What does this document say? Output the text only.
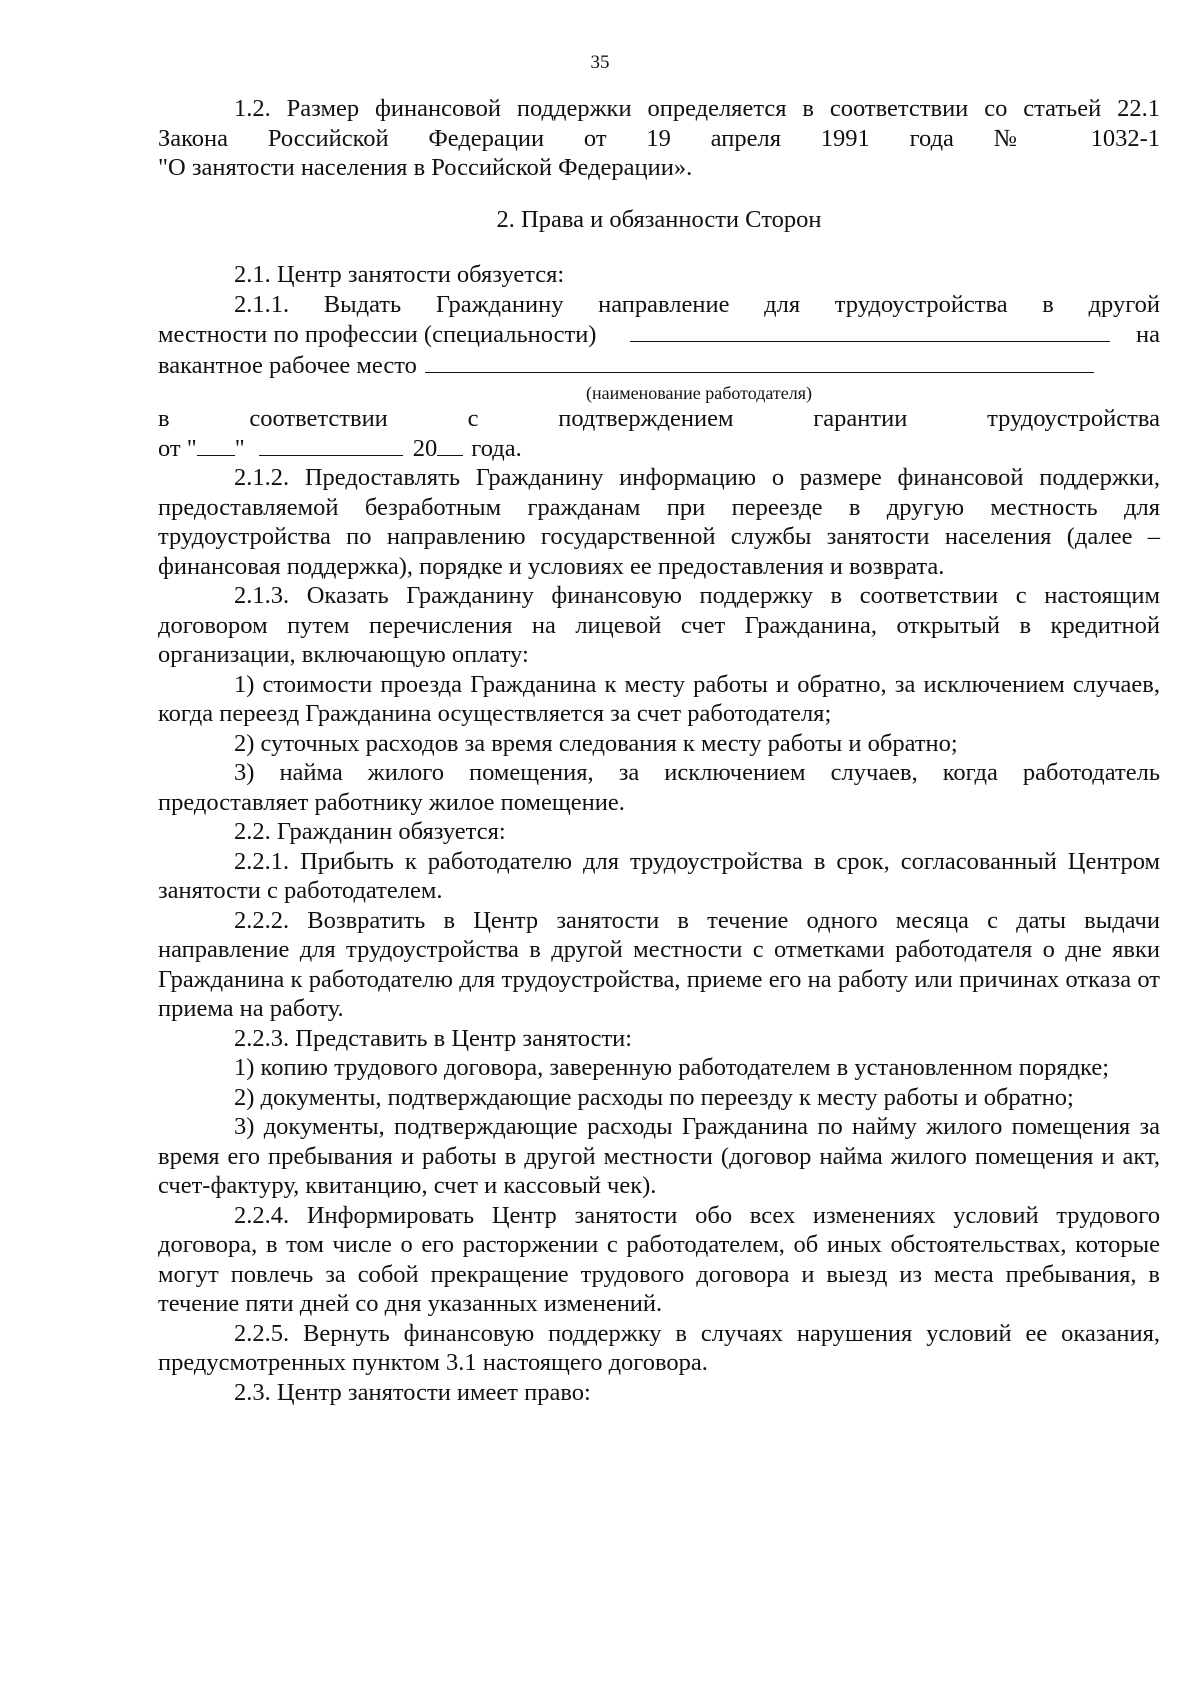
35

1.2. Размер финансовой поддержки определяется в соответствии со статьей 22.1

Закона Российской Федерации от 19 апреля 1991 года № 1032-1

"О занятости населения в Российской Федерации».

2. Права и обязанности Сторон

2.1. Центр занятости обязуется:

2.1.1. Выдать Гражданину направление для трудоустройства в другой

местности по профессии (специальности)	на
вакантное рабочее место
(наименование работодателя)

в соответствии с подтверждением гарантии трудоустройства

от " "	20 года.

2.1.2. Предоставлять Гражданину информацию о размере финансовой поддержки, предоставляемой безработным гражданам при переезде в другую местность для трудоустройства по направлению государственной службы занятости населения (далее – финансовая поддержка), порядке и условиях ее предоставления и возврата.

2.1.3. Оказать Гражданину финансовую поддержку в соответствии с настоящим договором путем перечисления на лицевой счет Гражданина, открытый в кредитной организации, включающую оплату:

1) стоимости проезда Гражданина к месту работы и обратно, за исключением случаев, когда переезд Гражданина осуществляется за счет работодателя;

2) суточных расходов за время следования к месту работы и обратно;

3) найма жилого помещения, за исключением случаев, когда работодатель предоставляет работнику жилое помещение.

2.2. Гражданин обязуется:

2.2.1. Прибыть к работодателю для трудоустройства в срок, согласованный Центром занятости с работодателем.

2.2.2. Возвратить в Центр занятости в течение одного месяца с даты выдачи направление для трудоустройства в другой местности с отметками работодателя о дне явки Гражданина к работодателю для трудоустройства, приеме его на работу или причинах отказа от приема на работу.

2.2.3. Представить в Центр занятости:

1) копию трудового договора, заверенную работодателем в установленном порядке;

2) документы, подтверждающие расходы по переезду к месту работы и обратно;

3) документы, подтверждающие расходы Гражданина по найму жилого помещения за время его пребывания и работы в другой местности (договор найма жилого помещения и акт, счет-фактуру, квитанцию, счет и кассовый чек).

2.2.4. Информировать Центр занятости обо всех изменениях условий трудового договора, в том числе о его расторжении с работодателем, об иных обстоятельствах, которые могут повлечь за собой прекращение трудового договора и выезд из места пребывания, в течение пяти дней со дня указанных изменений.

2.2.5. Вернуть финансовую поддержку в случаях нарушения условий ее оказания, предусмотренных пунктом 3.1 настоящего договора.

2.3. Центр занятости имеет право:
